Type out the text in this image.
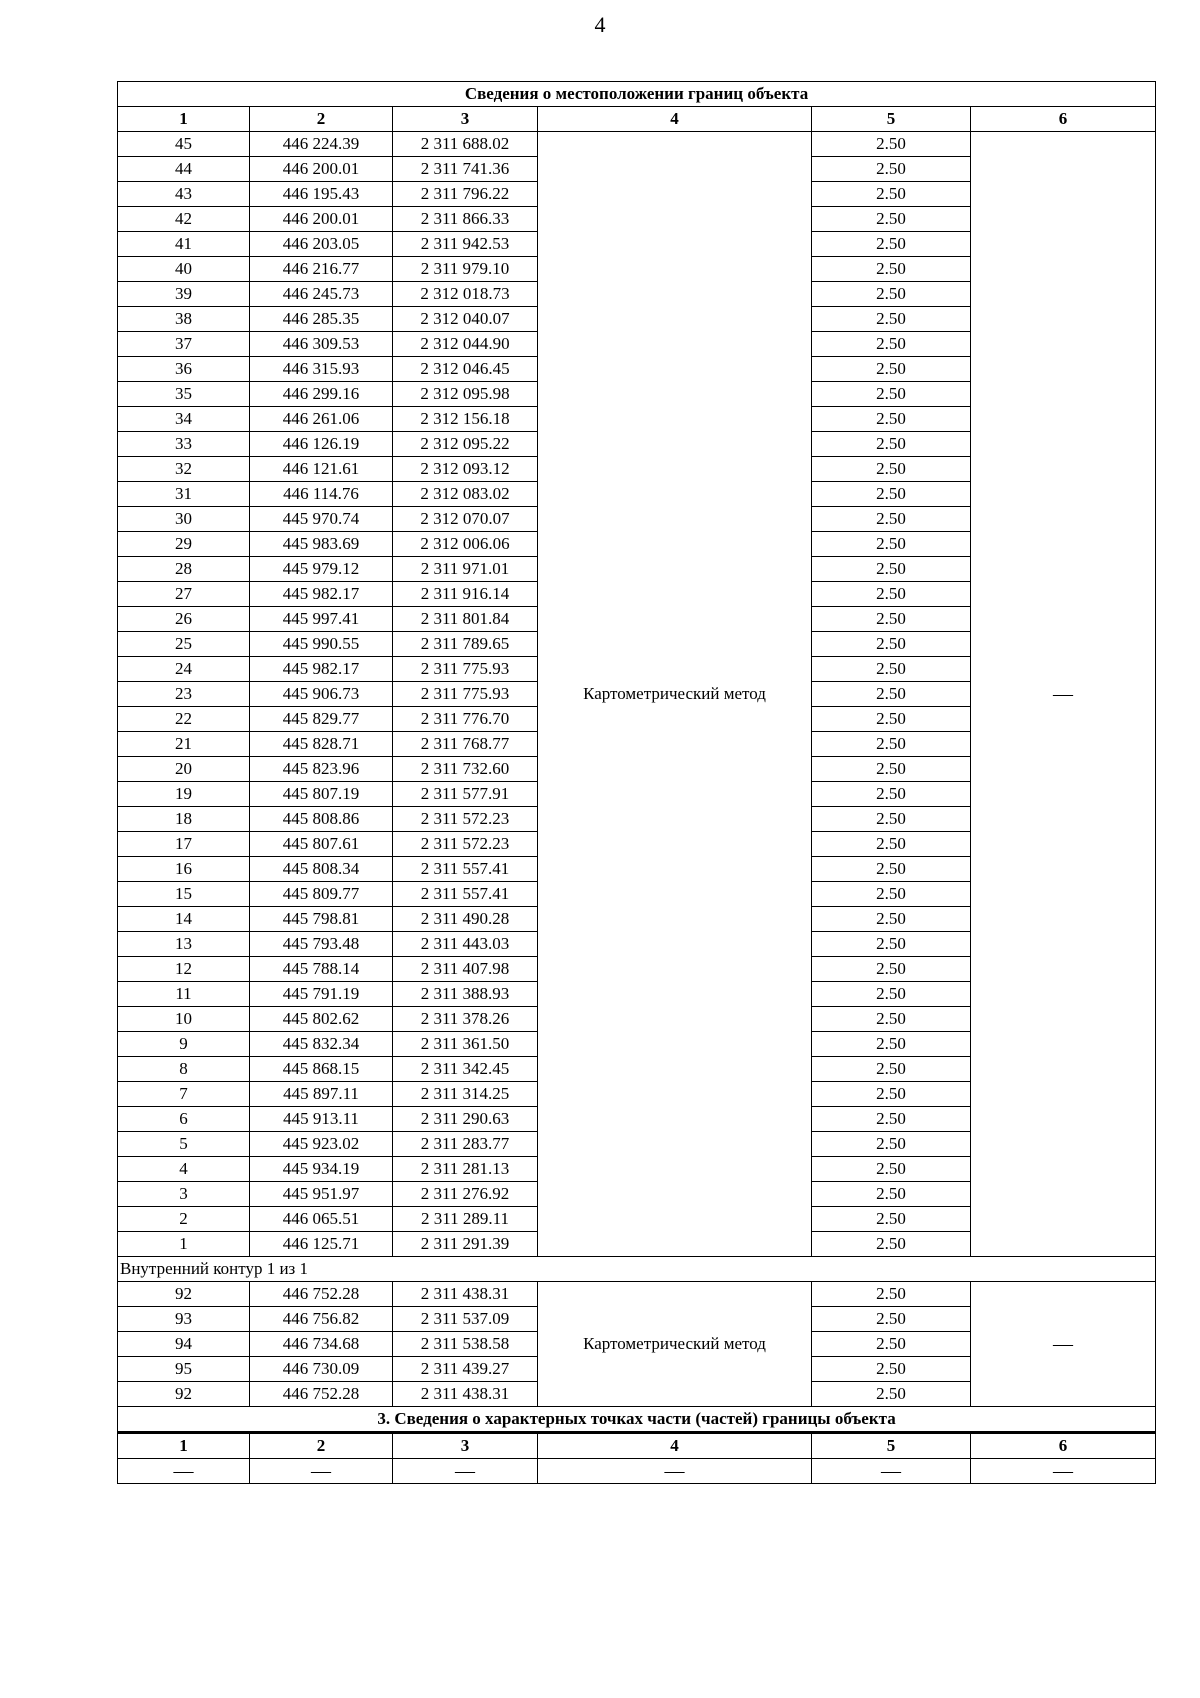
4
Сведения о местоположении границ объекта					
1	2	3	4	5	6
45	446 224.39	2 311 688.02	Картометрический метод	2.50	—
44	446 200.01	2 311 741.36		2.50	
43	446 195.43	2 311 796.22		2.50	
42	446 200.01	2 311 866.33		2.50	
41	446 203.05	2 311 942.53		2.50	
40	446 216.77	2 311 979.10		2.50	
39	446 245.73	2 312 018.73		2.50	
38	446 285.35	2 312 040.07		2.50	
37	446 309.53	2 312 044.90		2.50	
36	446 315.93	2 312 046.45		2.50	
35	446 299.16	2 312 095.98		2.50	
34	446 261.06	2 312 156.18		2.50	
33	446 126.19	2 312 095.22		2.50	
32	446 121.61	2 312 093.12		2.50	
31	446 114.76	2 312 083.02		2.50	
30	445 970.74	2 312 070.07		2.50	
29	445 983.69	2 312 006.06		2.50	
28	445 979.12	2 311 971.01		2.50	
27	445 982.17	2 311 916.14		2.50	
26	445 997.41	2 311 801.84		2.50	
25	445 990.55	2 311 789.65		2.50	
24	445 982.17	2 311 775.93		2.50	
23	445 906.73	2 311 775.93		2.50	
22	445 829.77	2 311 776.70		2.50	
21	445 828.71	2 311 768.77		2.50	
20	445 823.96	2 311 732.60		2.50	
19	445 807.19	2 311 577.91		2.50	
18	445 808.86	2 311 572.23		2.50	
17	445 807.61	2 311 572.23		2.50	
16	445 808.34	2 311 557.41		2.50	
15	445 809.77	2 311 557.41		2.50	
14	445 798.81	2 311 490.28		2.50	
13	445 793.48	2 311 443.03		2.50	
12	445 788.14	2 311 407.98		2.50	
11	445 791.19	2 311 388.93		2.50	
10	445 802.62	2 311 378.26		2.50	
9	445 832.34	2 311 361.50		2.50	
8	445 868.15	2 311 342.45		2.50	
7	445 897.11	2 311 314.25		2.50	
6	445 913.11	2 311 290.63		2.50	
5	445 923.02	2 311 283.77		2.50	
4	445 934.19	2 311 281.13		2.50	
3	445 951.97	2 311 276.92		2.50	
2	446 065.51	2 311 289.11		2.50	
1	446 125.71	2 311 291.39		2.50	
Внутренний контур 1 из 1					
92	446 752.28	2 311 438.31	Картометрический метод	2.50	—
93	446 756.82	2 311 537.09		2.50	
94	446 734.68	2 311 538.58		2.50	
95	446 730.09	2 311 439.27		2.50	
92	446 752.28	2 311 438.31		2.50	
3. Сведения о характерных точках части (частей) границы объекта					
1	2	3	4	5	6
—	—	—	—	—	—
